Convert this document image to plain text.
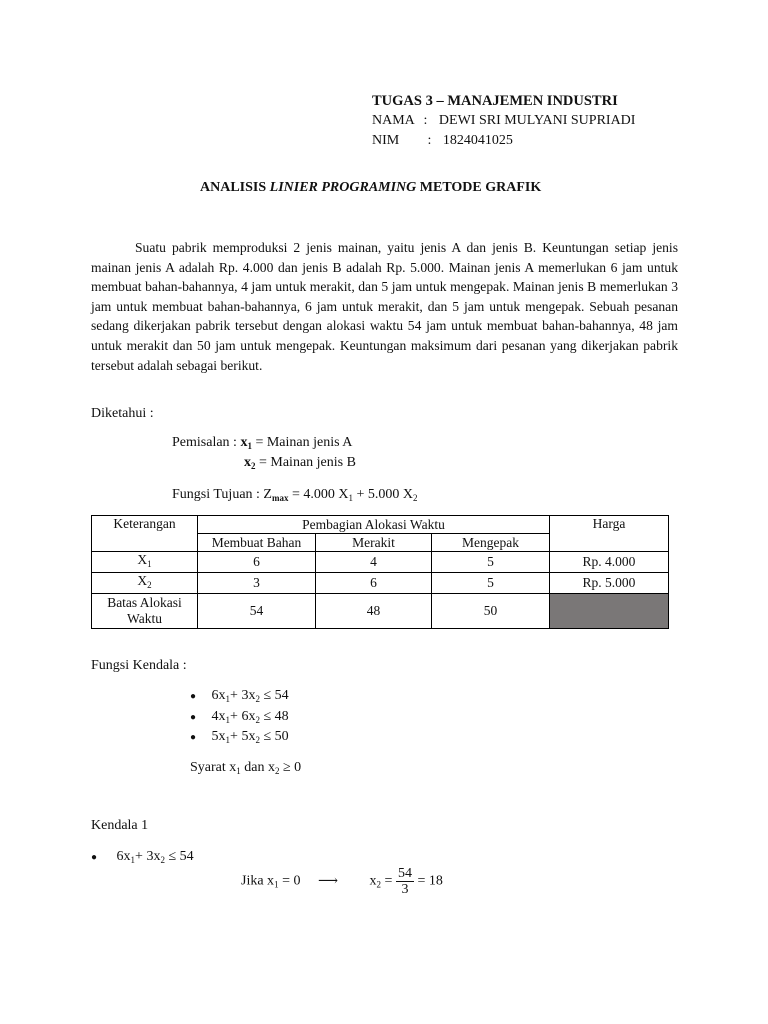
TUGAS 3 – MANAJEMEN INDUSTRI
NAMA : DEWI SRI MULYANI SUPRIADI
NIM : 1824041025
ANALISIS LINIER PROGRAMING METODE GRAFIK
Suatu pabrik memproduksi 2 jenis mainan, yaitu jenis A dan jenis B. Keuntungan setiap jenis mainan jenis A adalah Rp. 4.000 dan jenis B adalah Rp. 5.000. Mainan jenis A memerlukan 6 jam untuk membuat bahan-bahannya, 4 jam untuk merakit, dan 5 jam untuk mengepak. Mainan jenis B memerlukan 3 jam untuk membuat bahan-bahannya, 6 jam untuk merakit, dan 5 jam untuk mengepak. Sebuah pesanan sedang dikerjakan pabrik tersebut dengan alokasi waktu 54 jam untuk membuat bahan-bahannya, 48 jam untuk merakit dan 50 jam untuk mengepak. Keuntungan maksimum dari pesanan yang dikerjakan pabrik tersebut adalah sebagai berikut.
Diketahui :
Pemisalan : $x_1$ = Mainan jenis A
$x_2$ = Mainan jenis B
Fungsi Tujuan : $Z_{max} = 4.000$ $X_1 + 5.000$ $X_2$
Keterangan	Pembagian Alokasi Waktu			Harga
	Membuat Bahan	Merakit	Mengepak	
$X_1$	6	4	5	Rp. 4.000
$X_2$	3	6	5	Rp. 5.000
Batas Alokasi
Waktu	54	48	50	
Fungsi Kendala :
● $6x_1+ 3x_2 \le 54$
● $4x_1+ 6x_2 \le 48$
● $5x_1+ 5x_2 \le 50$
Syarat $x_1$ dan $x_2 \ge 0$
Kendala 1
● $6x_1+ 3x_2 \le 54$
Jika $x_1 = 0$ ⟶ $x_2 = \frac{54}{3} = 18$
